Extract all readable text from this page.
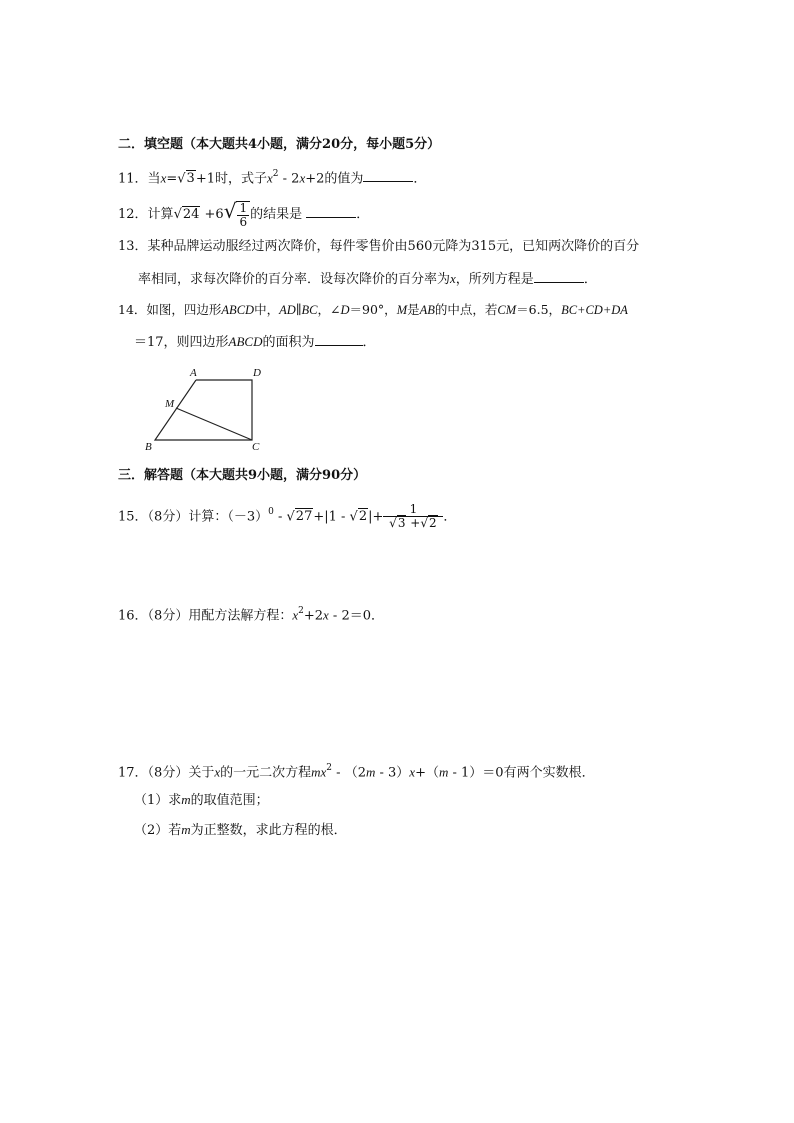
二．填空题（本大题共4小题，满分20分，每小题5分）
11．当x=√3+1时，式子$x^2 - 2x+2$的值为	．
12．计算$√24 +6√ \frac{1}{6}$ 的结果是	．
13．某种品牌运动服经过两次降价，每件零售价由560元降为315元，已知两次降价的百分
率相同，求每次降价的百分率．设每次降价的百分率为x，所列方程是	．
14．如图，四边形ABCD中，AD∥BC，∠D＝90°，M是AB的中点，若CM＝6.5，BC+CD+DA
＝17，则四边形ABCD的面积为	．
A	D
M
B	C
三．解答题（本大题共9小题，满分90分）
15．（8分）计算：$(-3)^0 - √27+|1 - √2|+ \frac{1}{√3 +√2}$ ．
16．（8分）用配方法解方程：$x^2+2x - 2=0$．
17．（8分）关于x的一元二次方程$mx^2 - (2m - 3)x+(m - 1)=0$有两个实数根．
（1）求m的取值范围；
（2）若m为正整数，求此方程的根．
